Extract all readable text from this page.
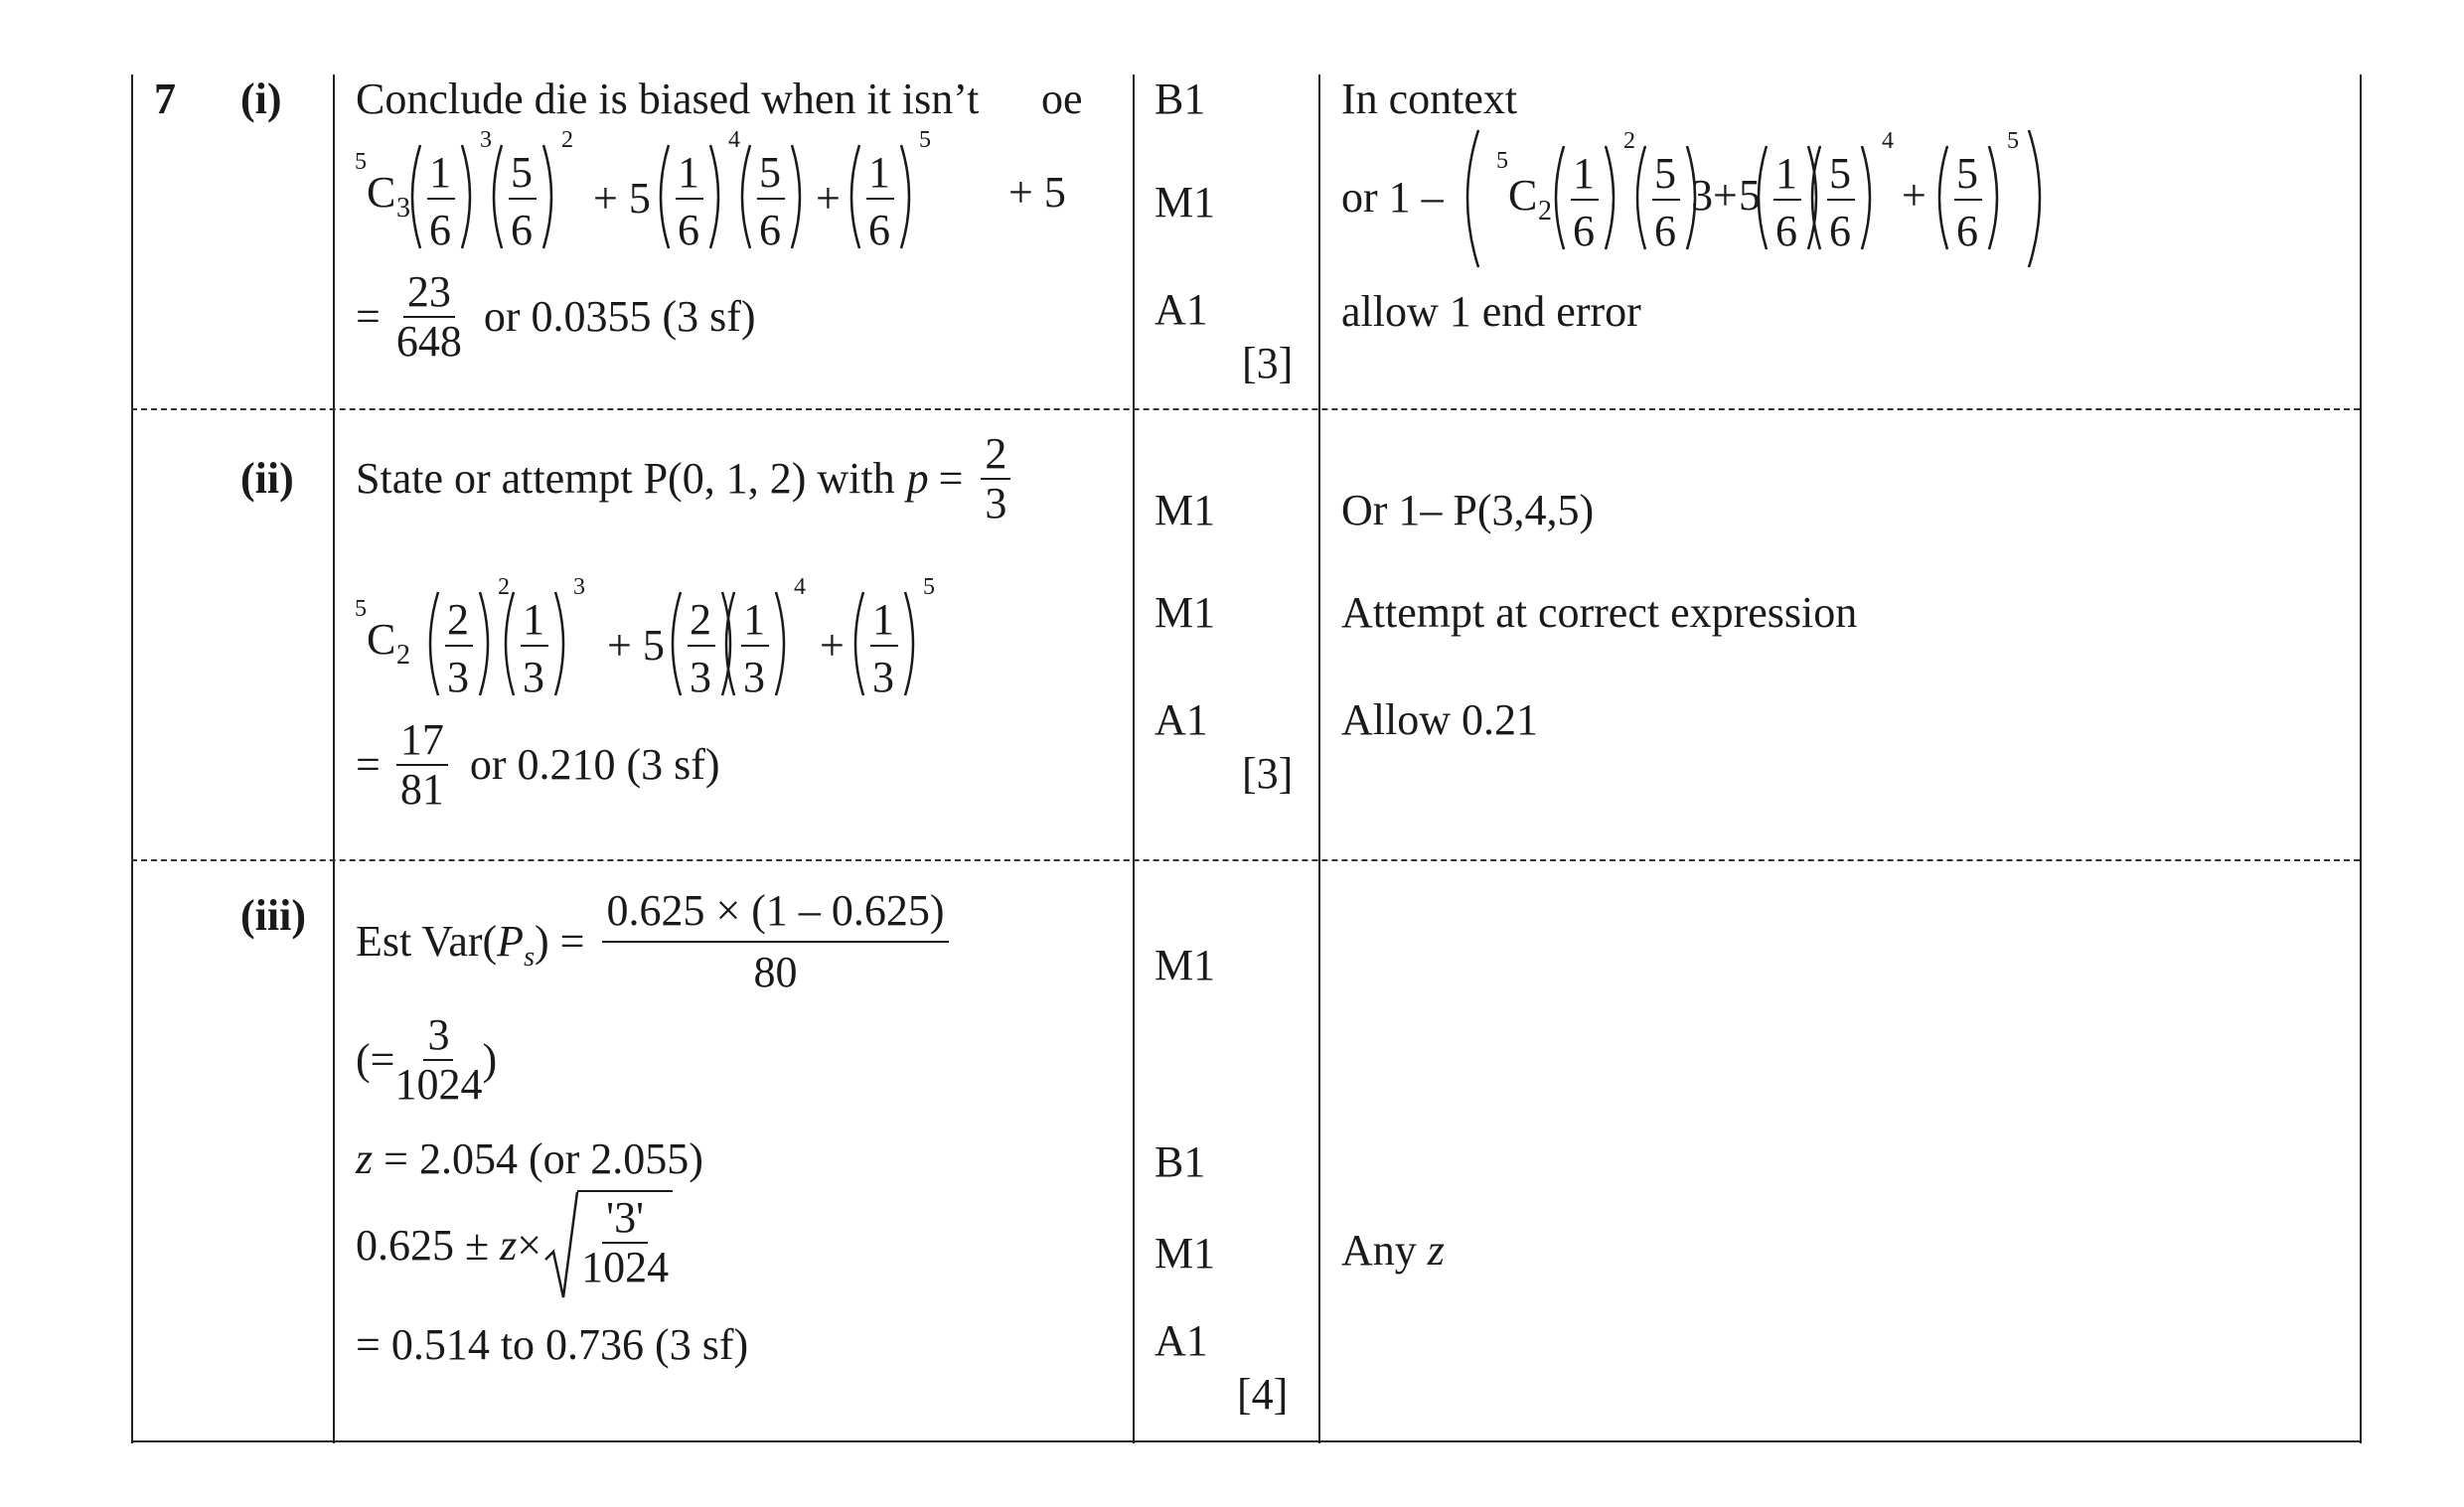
7 (i) Conclude die is biased when it isn’t oe
5
C 3
1
6
3
5
6
2
+ 5
1
6
4
5
6
+
1
6
5
+ 5
= $\frac{23}{648}$ or 0.0355 (3 sf)
B1
M1
A1
[3]
In context
or 1 –
5
C 2
1
6
2
5
6
3 + 5 1
6
5
6
4
+ 5
6
5
allow 1 end error
(ii) State or attempt P(0, 1, 2) with $p = \frac{2}{3}$
5
C 2
2
3
2
1
3
3
+ 5
2
3
1
3
4
+
1
3
5
= $\frac{17}{81}$ or 0.210 (3 sf)
M1
M1
A1
[3]
Or 1– P(3,4,5)
Attempt at correct expression
Allow 0.21
(iii)
Est $Var(P_s) = \frac{0.625 \times (1 - 0.625)}{80}$
(= $\frac{3}{1024}$ )
z = 2.054 (or 2.055)
$0.625 \pm z\times \frac{'3'}{1024}$
= 0.514 to 0.736 (3 sf)
M1
B1
M1
A1
[4]
Any z
